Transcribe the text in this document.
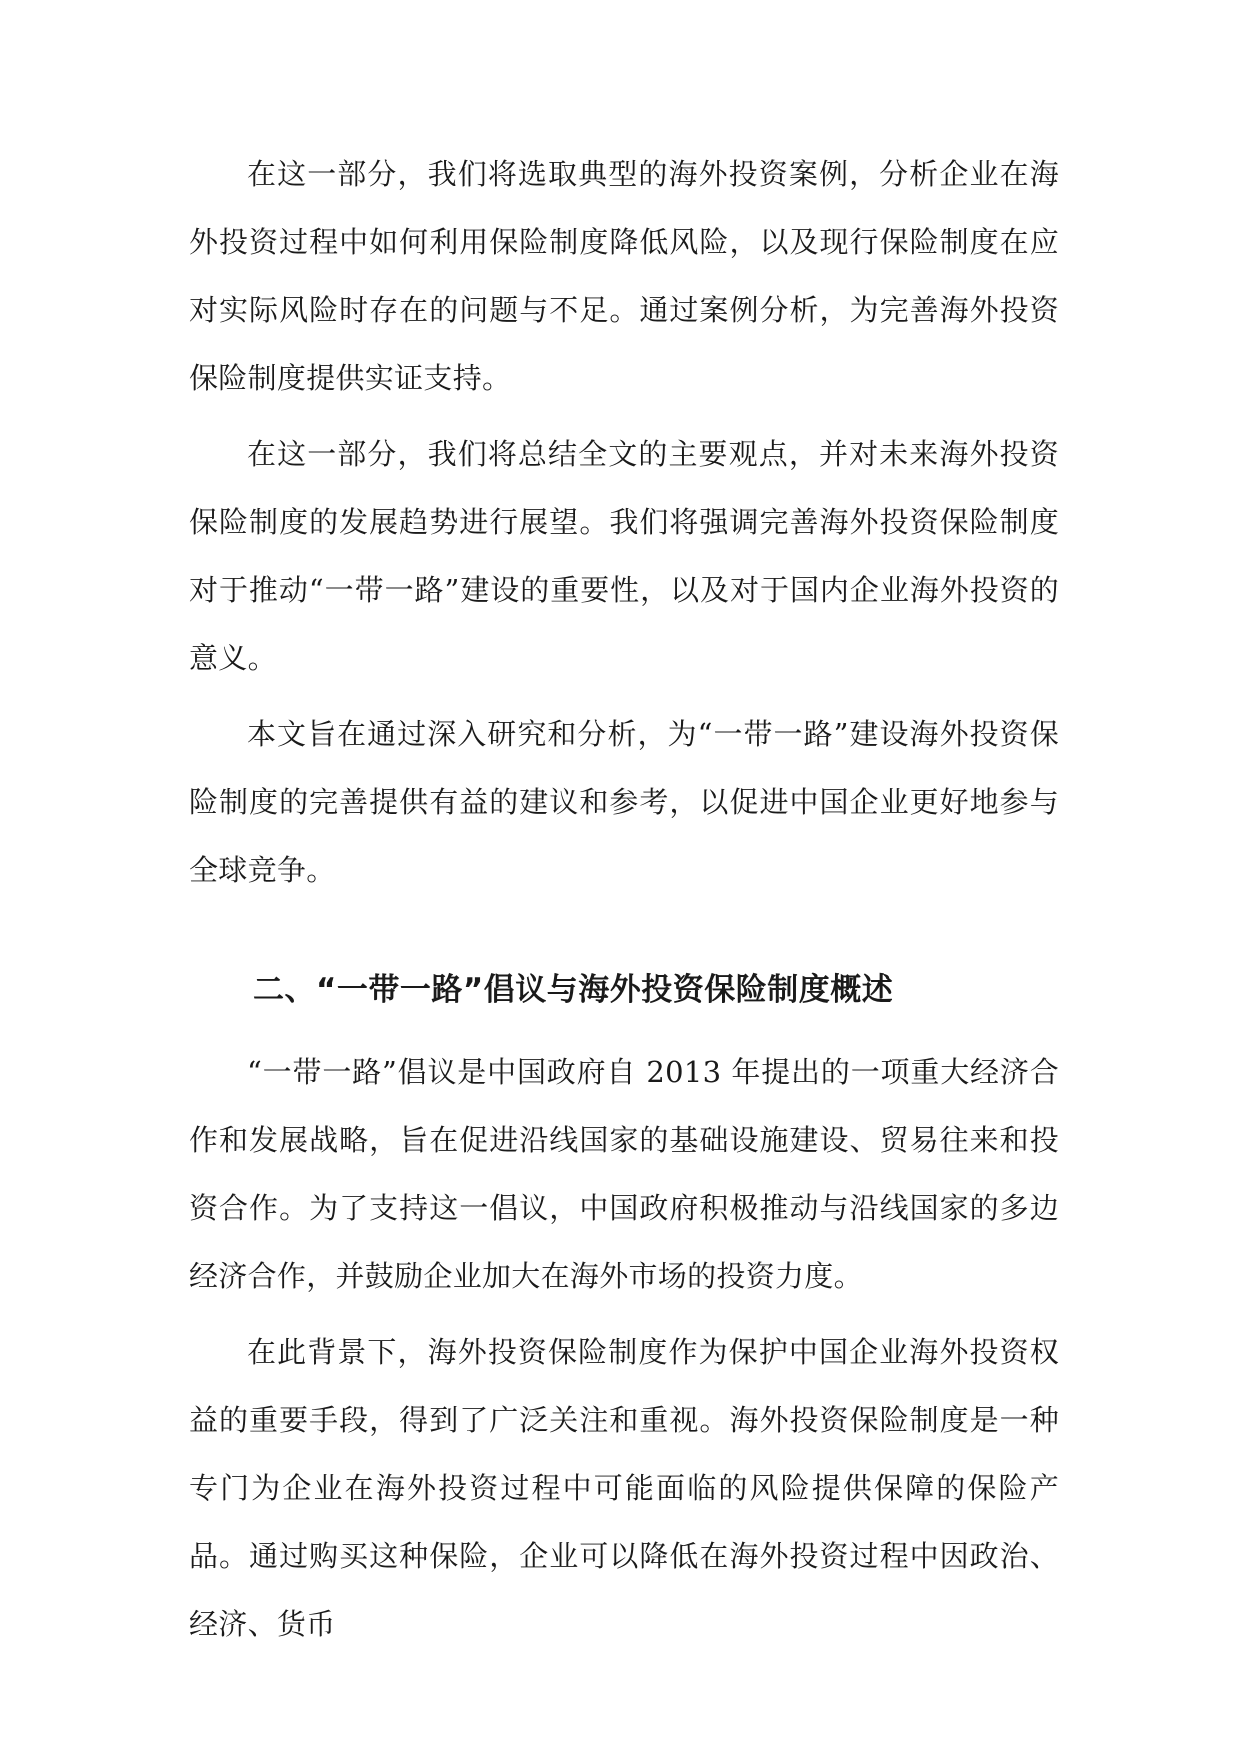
在这一部分，我们将选取典型的海外投资案例，分析企业在海外投资过程中如何利用保险制度降低风险，以及现行保险制度在应对实际风险时存在的问题与不足。通过案例分析，为完善海外投资保险制度提供实证支持。

在这一部分，我们将总结全文的主要观点，并对未来海外投资保险制度的发展趋势进行展望。我们将强调完善海外投资保险制度对于推动“一带一路”建设的重要性，以及对于国内企业海外投资的意义。

本文旨在通过深入研究和分析，为“一带一路”建设海外投资保险制度的完善提供有益的建议和参考，以促进中国企业更好地参与全球竞争。

二、“一带一路”倡议与海外投资保险制度概述

“一带一路”倡议是中国政府自 2013 年提出的一项重大经济合作和发展战略，旨在促进沿线国家的基础设施建设、贸易往来和投资合作。为了支持这一倡议，中国政府积极推动与沿线国家的多边经济合作，并鼓励企业加大在海外市场的投资力度。

在此背景下，海外投资保险制度作为保护中国企业海外投资权益的重要手段，得到了广泛关注和重视。海外投资保险制度是一种专门为企业在海外投资过程中可能面临的风险提供保障的保险产品。通过购买这种保险，企业可以降低在海外投资过程中因政治、经济、货币
